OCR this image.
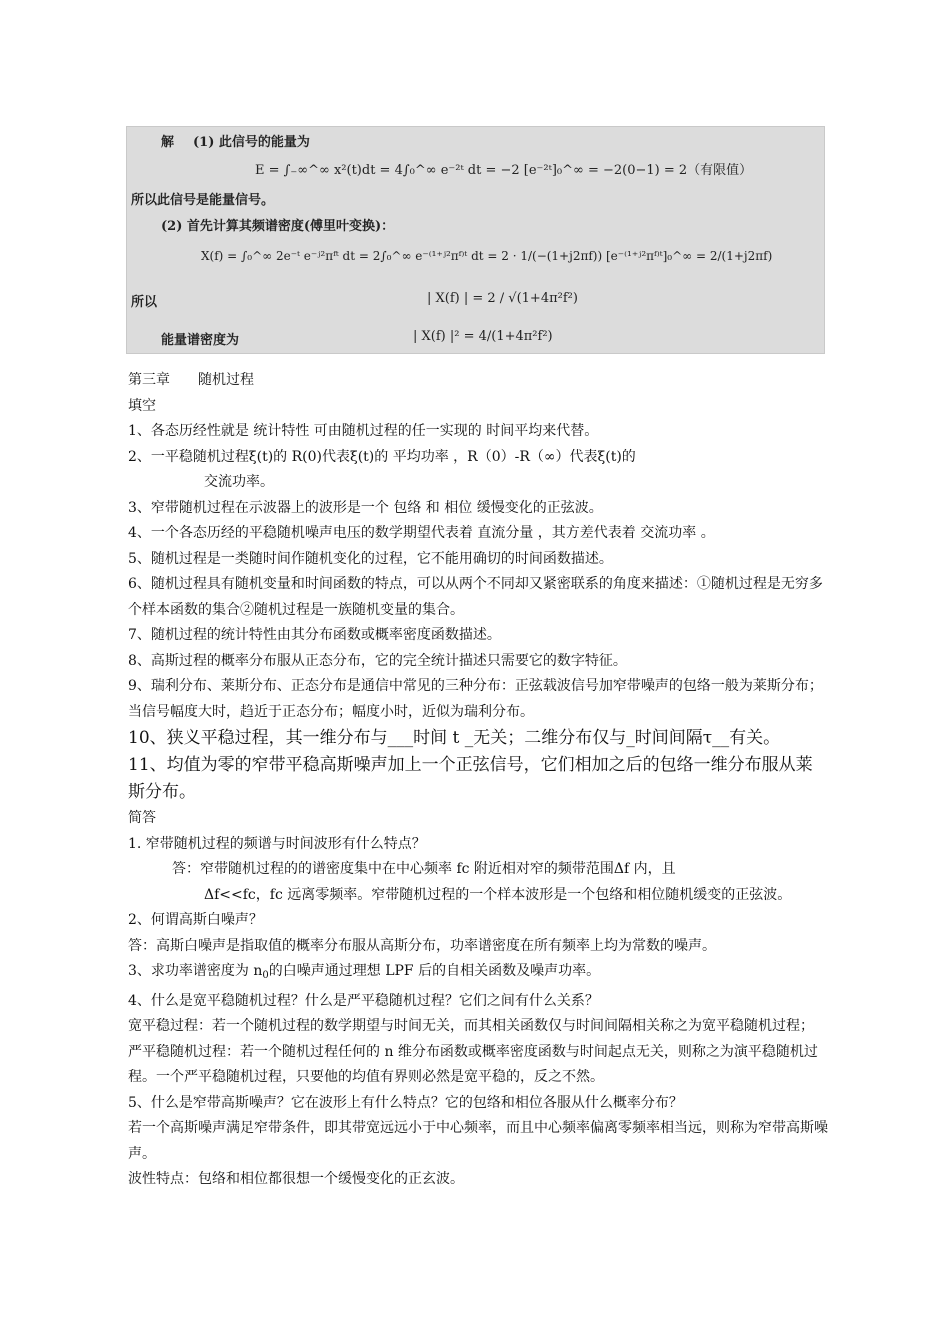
解 (1) 此信号的能量为
E = ∫₋∞^∞ x²(t)dt = 4∫₀^∞ e⁻²ᵗ dt = −2 [e⁻²ᵗ]₀^∞ = −2(0−1) = 2（有限值）
所以此信号是能量信号。
(2) 首先计算其频谱密度(傅里叶变换)：
X(f) = ∫₀^∞ 2e⁻ᵗ e⁻ʲ²πᶠᵗ dt = 2∫₀^∞ e⁻⁽¹⁺ʲ²πᶠ⁾ᵗ dt = 2 · 1/(−(1+j2πf)) [e⁻⁽¹⁺ʲ²πᶠ⁾ᵗ]₀^∞ = 2/(1+j2πf)
所以	| X(f) | = 2 / √(1+4π²f²)
能量谱密度为	| X(f) |² = 4/(1+4π²f²)

第三章　　随机过程

填空

1、各态历经性就是 统计特性 可由随机过程的任一实现的 时间平均来代替。

2、一平稳随机过程ξ(t)的 R(0)代表ξ(t)的 平均功率 ，R（0）-R（∞）代表ξ(t)的

交流功率。

3、窄带随机过程在示波器上的波形是一个 包络 和 相位 缓慢变化的正弦波。

4、一个各态历经的平稳随机噪声电压的数学期望代表着 直流分量 ，其方差代表着 交流功率 。

5、随机过程是一类随时间作随机变化的过程，它不能用确切的时间函数描述。

6、随机过程具有随机变量和时间函数的特点，可以从两个不同却又紧密联系的角度来描述：①随机过程是无穷多个样本函数的集合②随机过程是一族随机变量的集合。

7、随机过程的统计特性由其分布函数或概率密度函数描述。

8、高斯过程的概率分布服从正态分布，它的完全统计描述只需要它的数字特征。

9、瑞利分布、莱斯分布、正态分布是通信中常见的三种分布：正弦载波信号加窄带噪声的包络一般为莱斯分布；当信号幅度大时，趋近于正态分布；幅度小时，近似为瑞利分布。

10、狭义平稳过程，其一维分布与___时间 t _无关；二维分布仅与_时间间隔τ__有关。

11、均值为零的窄带平稳高斯噪声加上一个正弦信号，它们相加之后的包络一维分布服从莱斯分布。

简答

1. 窄带随机过程的频谱与时间波形有什么特点？

答：窄带随机过程的的谱密度集中在中心频率 fc 附近相对窄的频带范围Δf 内，且

Δf<<fc，fc 远离零频率。窄带随机过程的一个样本波形是一个包络和相位随机缓变的正弦波。

2、何谓高斯白噪声？

答：高斯白噪声是指取值的概率分布服从高斯分布，功率谱密度在所有频率上均为常数的噪声。

3、求功率谱密度为 $n_0$的白噪声通过理想 LPF 后的自相关函数及噪声功率。

4、什么是宽平稳随机过程？什么是严平稳随机过程？它们之间有什么关系？

宽平稳过程：若一个随机过程的数学期望与时间无关，而其相关函数仅与时间间隔相关称之为宽平稳随机过程；

严平稳随机过程：若一个随机过程任何的 n 维分布函数或概率密度函数与时间起点无关，则称之为演平稳随机过程。一个严平稳随机过程，只要他的均值有界则必然是宽平稳的，反之不然。

5、什么是窄带高斯噪声？它在波形上有什么特点？它的包络和相位各服从什么概率分布？

若一个高斯噪声满足窄带条件，即其带宽远远小于中心频率，而且中心频率偏离零频率相当远，则称为窄带高斯噪声。

波性特点：包络和相位都很想一个缓慢变化的正玄波。
